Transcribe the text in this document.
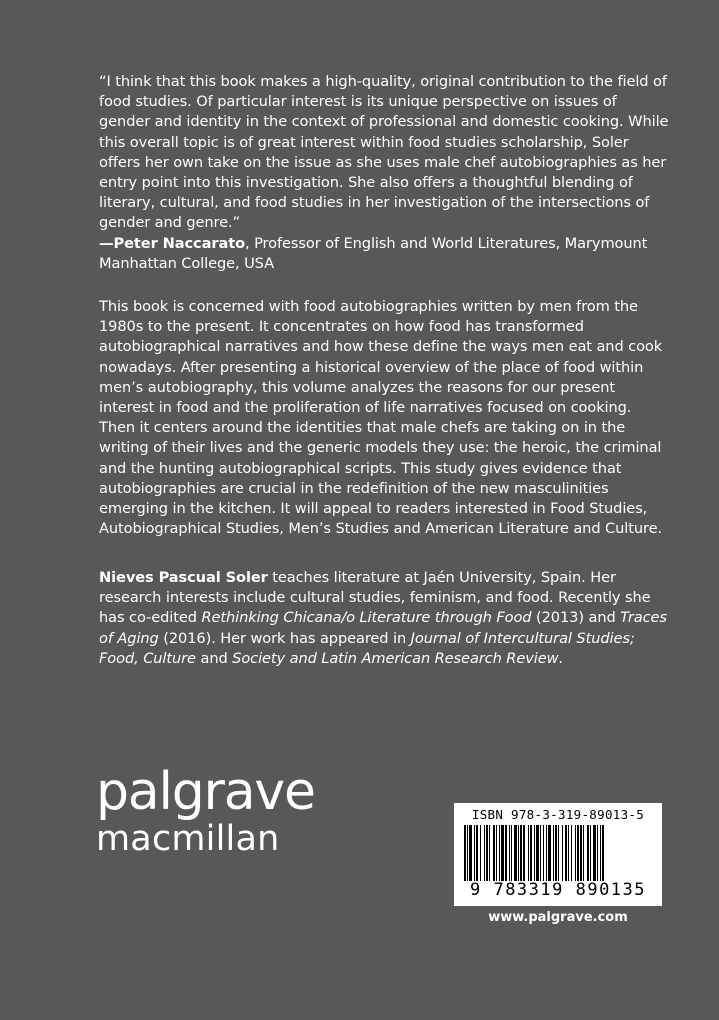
“I think that this book makes a high-quality, original contribution to the field of food studies. Of particular interest is its unique perspective on issues of gender and identity in the context of professional and domestic cooking. While this overall topic is of great interest within food studies scholarship, Soler offers her own take on the issue as she uses male chef autobiographies as her entry point into this investigation. She also offers a thoughtful blending of literary, cultural, and food studies in her investigation of the intersections of gender and genre.”
—Peter Naccarato, Professor of English and World Literatures, Marymount Manhattan College, USA

This book is concerned with food autobiographies written by men from the 1980s to the present. It concentrates on how food has transformed autobiographical narratives and how these define the ways men eat and cook nowadays. After presenting a historical overview of the place of food within men’s autobiography, this volume analyzes the reasons for our present interest in food and the proliferation of life narratives focused on cooking. Then it centers around the identities that male chefs are taking on in the writing of their lives and the generic models they use: the heroic, the criminal and the hunting autobiographical scripts. This study gives evidence that autobiographies are crucial in the redefinition of the new masculinities emerging in the kitchen. It will appeal to readers interested in Food Studies, Autobiographical Studies, Men’s Studies and American Literature and Culture.

Nieves Pascual Soler teaches literature at Jaén University, Spain. Her research interests include cultural studies, feminism, and food. Recently she has co-edited Rethinking Chicana/o Literature through Food (2013) and Traces of Aging (2016). Her work has appeared in Journal of Intercultural Studies; Food, Culture and Society and Latin American Research Review.

palgrave
macmillan
ISBN 978-3-319-89013-5
9 783319 890135
www.palgrave.com
